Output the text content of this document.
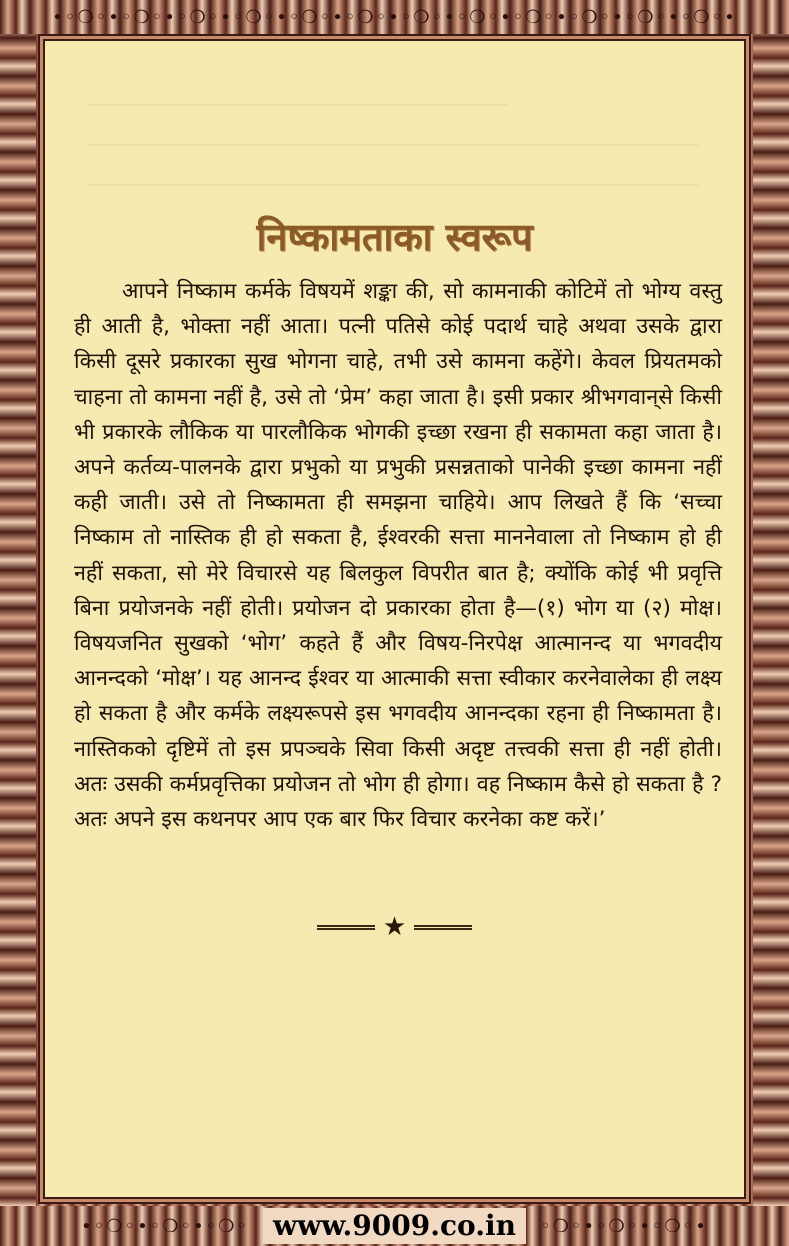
•◦❍◦•◦❍◦•◦❍◦•◦❍◦•◦❍◦•◦❍◦•◦❍◦•◦❍◦•◦❍◦•◦❍◦•◦❍◦•◦❍◦•
•◦❍◦•◦❍◦•◦❍◦ www.9009.co.in	◦❍◦•◦❍◦•◦❍◦•
निष्कामताका स्वरूप

आपने निष्काम कर्मके विषयमें शङ्का की, सो कामनाकी कोटिमें तो भोग्य वस्तु ही आती है, भोक्ता नहीं आता। पत्नी पतिसे कोई पदार्थ चाहे अथवा उसके द्वारा किसी दूसरे प्रकारका सुख भोगना चाहे, तभी उसे कामना कहेंगे। केवल प्रियतमको चाहना तो कामना नहीं है, उसे तो ‘प्रेम’ कहा जाता है। इसी प्रकार श्रीभगवान्‌से किसी भी प्रकारके लौकिक या पारलौकिक भोगकी इच्छा रखना ही सकामता कहा जाता है। अपने कर्तव्य-पालनके द्वारा प्रभुको या प्रभुकी प्रसन्नताको पानेकी इच्छा कामना नहीं कही जाती। उसे तो निष्कामता ही समझना चाहिये। आप लिखते हैं कि ‘सच्चा निष्काम तो नास्तिक ही हो सकता है, ईश्वरकी सत्ता माननेवाला तो निष्काम हो ही नहीं सकता, सो मेरे विचारसे यह बिलकुल विपरीत बात है; क्योंकि कोई भी प्रवृत्ति बिना प्रयोजनके नहीं होती। प्रयोजन दो प्रकारका होता है—(१) भोग या (२) मोक्ष। विषयजनित सुखको ‘भोग’ कहते हैं और विषय-निरपेक्ष आत्मानन्द या भगवदीय आनन्दको ‘मोक्ष’। यह आनन्द ईश्वर या आत्माकी सत्ता स्वीकार करनेवालेका ही लक्ष्य हो सकता है और कर्मके लक्ष्यरूपसे इस भगवदीय आनन्दका रहना ही निष्कामता है। नास्तिकको दृष्टिमें तो इस प्रपञ्चके सिवा किसी अदृष्ट तत्त्वकी सत्ता ही नहीं होती। अतः उसकी कर्मप्रवृत्तिका प्रयोजन तो भोग ही होगा। वह निष्काम कैसे हो सकता है ? अतः अपने इस कथनपर आप एक बार फिर विचार करनेका कष्ट करें।’

★
